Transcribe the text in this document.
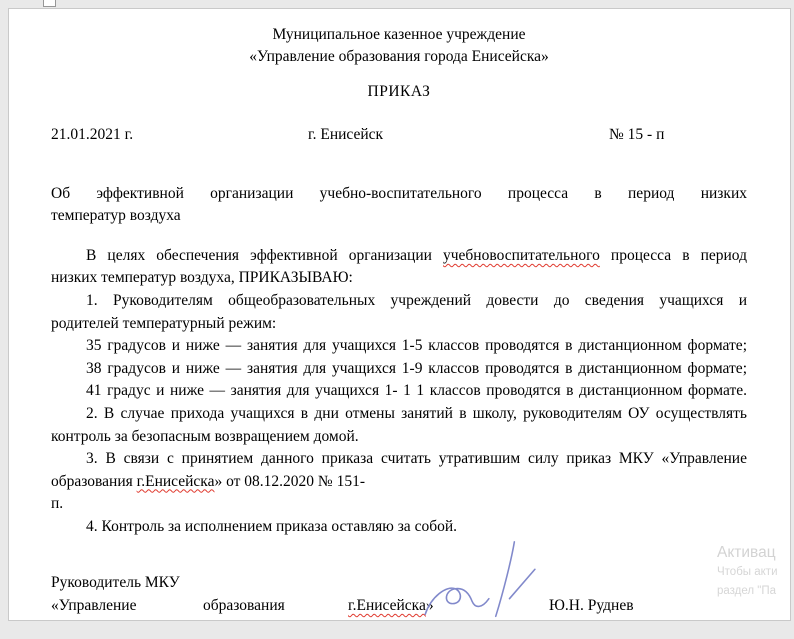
Муниципальное казенное учреждение
«Управление образования города Енисейска»
ПРИКАЗ
21.01.2021 г.	г. Енисейск	№ 15 - п
Об эффективной организации учебно-воспитательного процесса в период низких
температур воздуха
В целях обеспечения эффективной организации учебновоспитательного процесса в период
низких температур воздуха, ПРИКАЗЫВАЮ:
1. Руководителям общеобразовательных учреждений довести до сведения учащихся и
родителей температурный режим:
35 градусов и ниже — занятия для учащихся 1-5 классов проводятся в дистанционном формате;
38 градусов и ниже — занятия для учащихся 1-9 классов проводятся в дистанционном формате;
41 градус и ниже — занятия для учащихся 1- 1 1 классов проводятся в дистанционном формате.
2. В случае прихода учащихся в дни отмены занятий в школу, руководителям ОУ осуществлять
контроль за безопасным возвращением домой.
3. В связи с принятием данного приказа считать утратившим силу приказ МКУ «Управление
образования г.Енисейска» от 08.12.2020 № 151-
п.
4. Контроль за исполнением приказа оставляю за собой.
Руководитель МКУ
«Управление	образования	г.Енисейска»	Ю.Н. Руднев
Активац
Чтобы акти
раздел "Па
